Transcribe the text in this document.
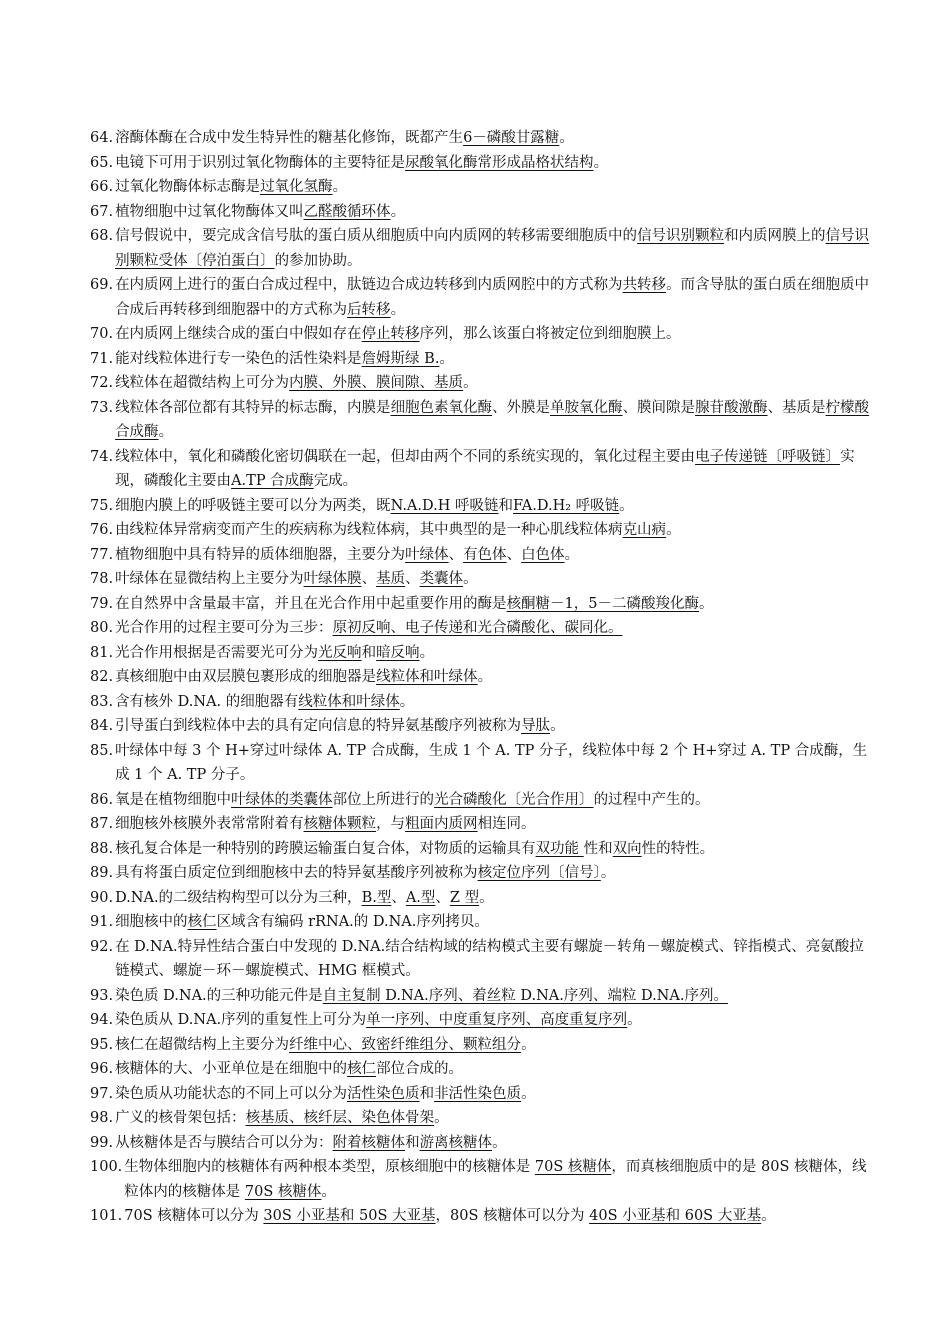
64. 溶酶体酶在合成中发生特异性的糖基化修饰，既都产生6－磷酸甘露糖。
65. 电镜下可用于识别过氧化物酶体的主要特征是尿酸氧化酶常形成晶格状结构。
66. 过氧化物酶体标志酶是过氧化氢酶。
67. 植物细胞中过氧化物酶体又叫乙醛酸循环体。
68. 信号假说中，要完成含信号肽的蛋白质从细胞质中向内质网的转移需要细胞质中的信号识别颗粒和内质网膜上的信号识别颗粒受体〔停泊蛋白〕的参加协助。
69. 在内质网上进行的蛋白合成过程中，肽链边合成边转移到内质网腔中的方式称为共转移。而含导肽的蛋白质在细胞质中合成后再转移到细胞器中的方式称为后转移。
70. 在内质网上继续合成的蛋白中假如存在停止转移序列，那么该蛋白将被定位到细胞膜上。
71. 能对线粒体进行专一染色的活性染料是詹姆斯绿 B.。
72. 线粒体在超微结构上可分为内膜、外膜、膜间隙、基质。
73. 线粒体各部位都有其特异的标志酶，内膜是细胞色素氧化酶、外膜是单胺氧化酶、膜间隙是腺苷酸激酶、基质是柠檬酸合成酶。
74. 线粒体中，氧化和磷酸化密切偶联在一起，但却由两个不同的系统实现的，氧化过程主要由电子传递链〔呼吸链〕实现，磷酸化主要由A.TP 合成酶完成。
75. 细胞内膜上的呼吸链主要可以分为两类，既N.A.D.H 呼吸链和FA.D.H₂ 呼吸链。
76. 由线粒体异常病变而产生的疾病称为线粒体病，其中典型的是一种心肌线粒体病克山病。
77. 植物细胞中具有特异的质体细胞器，主要分为叶绿体、有色体、白色体。
78. 叶绿体在显微结构上主要分为叶绿体膜、基质、类囊体。
79. 在自然界中含量最丰富，并且在光合作用中起重要作用的酶是核酮糖－1，5－二磷酸羧化酶。
80. 光合作用的过程主要可分为三步：原初反响、电子传递和光合磷酸化、碳同化。
81. 光合作用根据是否需要光可分为光反响和暗反响。
82. 真核细胞中由双层膜包裹形成的细胞器是线粒体和叶绿体。
83. 含有核外 D.NA. 的细胞器有线粒体和叶绿体。
84. 引导蛋白到线粒体中去的具有定向信息的特异氨基酸序列被称为导肽。
85. 叶绿体中每 3 个 H+穿过叶绿体 A. TP 合成酶，生成 1 个 A. TP 分子，线粒体中每 2 个 H+穿过 A. TP 合成酶，生成 1 个 A. TP 分子。
86. 氧是在植物细胞中叶绿体的类囊体部位上所进行的光合磷酸化〔光合作用〕的过程中产生的。
87. 细胞核外核膜外表常常附着有核糖体颗粒，与粗面内质网相连同。
88. 核孔复合体是一种特别的跨膜运输蛋白复合体，对物质的运输具有双功能 性和双向性的特性。
89. 具有将蛋白质定位到细胞核中去的特异氨基酸序列被称为核定位序列〔信号〕。
90. D.NA.的二级结构构型可以分为三种，B.型、A.型、Z 型。
91. 细胞核中的核仁区域含有编码 rRNA.的 D.NA.序列拷贝。
92. 在 D.NA.特异性结合蛋白中发现的 D.NA.结合结构域的结构模式主要有螺旋－转角－螺旋模式、锌指模式、亮氨酸拉链模式、螺旋－环－螺旋模式、HMG 框模式。
93. 染色质 D.NA.的三种功能元件是自主复制 D.NA.序列、着丝粒 D.NA.序列、端粒 D.NA.序列。
94. 染色质从 D.NA.序列的重复性上可分为单一序列、中度重复序列、高度重复序列。
95. 核仁在超微结构上主要分为纤维中心、致密纤维组分、颗粒组分。
96. 核糖体的大、小亚单位是在细胞中的核仁部位合成的。
97. 染色质从功能状态的不同上可以分为活性染色质和非活性染色质。
98. 广义的核骨架包括：核基质、核纤层、染色体骨架。
99. 从核糖体是否与膜结合可以分为：附着核糖体和游离核糖体。
100. 生物体细胞内的核糖体有两种根本类型，原核细胞中的核糖体是 70S 核糖体，而真核细胞质中的是 80S 核糖体，线粒体内的核糖体是 70S 核糖体。
101. 70S 核糖体可以分为 30S 小亚基和 50S 大亚基，80S 核糖体可以分为 40S 小亚基和 60S 大亚基。
